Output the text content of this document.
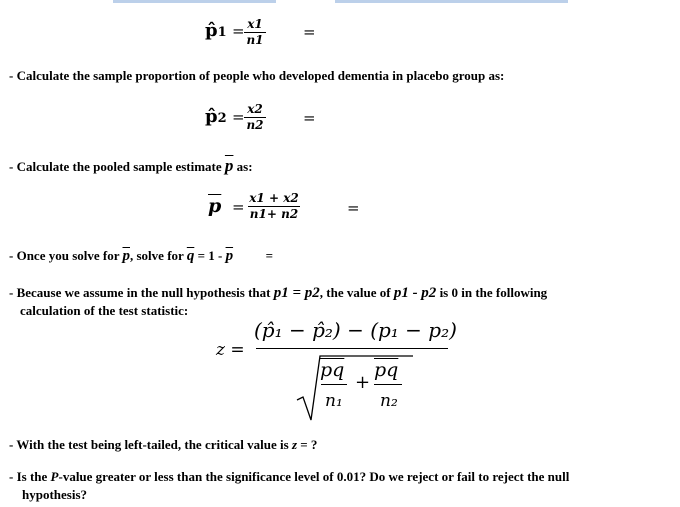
p̂1 = x1
n1	=
- Calculate the sample proportion of people who developed dementia in placebo group as:
p̂2 = x2
n2	=
- Calculate the pooled sample estimate $\overline{p}$ as:
$\overline{p} = x1 + x2$
n1+ n2	=
- Once you solve for $\overline{p}$, solve for $\overline{q} = 1 - \overline{p}$	=
- Because we assume in the null hypothesis that p1 = p2, the value of p1 - p2 is 0 in the following
calculation of the test statistic:
z =
(p̂₁ − p̂₂) − (p₁ − p₂)
$\overline{pq}$
n₁
+
$\overline{pq}$
n₂
- With the test being left-tailed, the critical value is z = ?
- Is the P-value greater or less than the significance level of 0.01? Do we reject or fail to reject the null
hypothesis?
